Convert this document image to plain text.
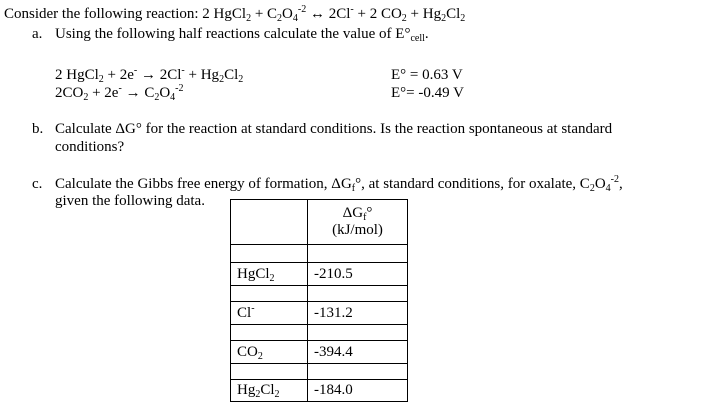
Consider the following reaction: 2 HgCl$_2$ + $C_2O_4^{-2}$ ↔ 2Cl- + 2 $CO_2 + Hg_2Cl_2$
a. Using the following half reactions calculate the value of $E^\circ_{cell}$.
2 HgCl$_2$ + $2e^- \to 2Cl^- + Hg_2Cl_2$	E° = 0.63 V
$2CO_2 + 2e^- \to C_2O_4^{-2}$	E°= -0.49 V
b. Calculate ΔG° for the reaction at standard conditions. Is the reaction spontaneous at standard
conditions?
c. Calculate the Gibbs free energy of formation, $\Delta G_f^\circ$, at standard conditions, for oxalate, $C_2O_4^{-2}$,
given the following data.
	$\Delta G_f^\circ$
(kJ/mol)

HgCl$_2$	-210.5

Cl-	-131.2

$CO_2$	-394.4

$Hg_2Cl_2$	-184.0
